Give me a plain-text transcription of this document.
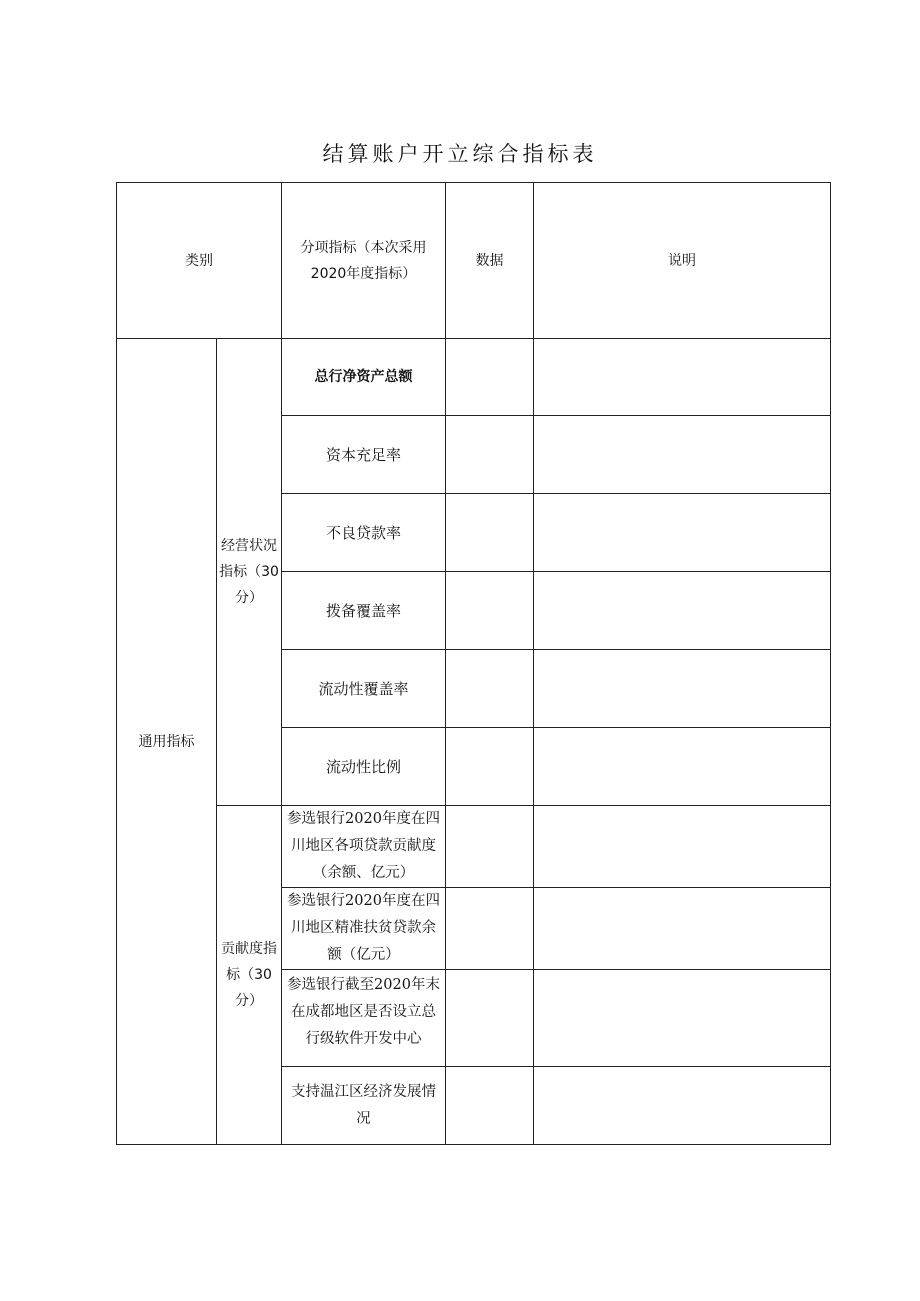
结算账户开立综合指标表
类别		分项指标（本次采用
2020年度指标）	数据	说明
通用指标	经营状况指标（30分）	总行净资产总额		

		资本充足率		

		不良贷款率		

		拨备覆盖率		

		流动性覆盖率		

		流动性比例		

	贡献度指标（30分）	参选银行2020年度在四川地区各项贷款贡献度（余额、亿元）		

		参选银行2020年度在四川地区精准扶贫贷款余额（亿元）		

		参选银行截至2020年末在成都地区是否设立总行级软件开发中心		

		支持温江区经济发展情况		
